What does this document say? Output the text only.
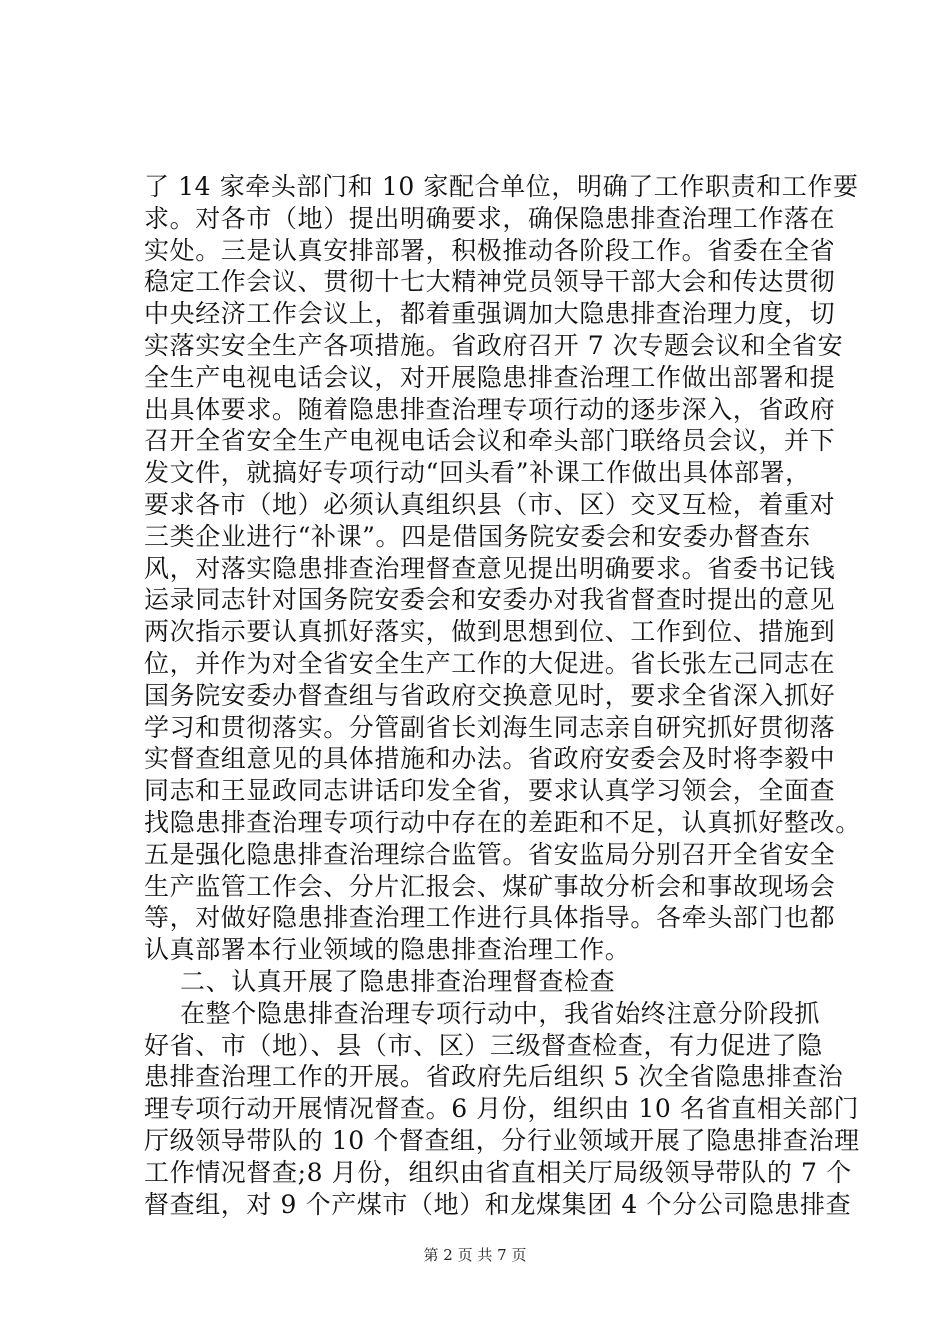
了 14 家牵头部门和 10 家配合单位，明确了工作职责和工作要
求。对各市（地）提出明确要求，确保隐患排查治理工作落在
实处。三是认真安排部署，积极推动各阶段工作。省委在全省
稳定工作会议、贯彻十七大精神党员领导干部大会和传达贯彻
中央经济工作会议上，都着重强调加大隐患排查治理力度，切
实落实安全生产各项措施。省政府召开 7 次专题会议和全省安
全生产电视电话会议，对开展隐患排查治理工作做出部署和提
出具体要求。随着隐患排查治理专项行动的逐步深入，省政府
召开全省安全生产电视电话会议和牵头部门联络员会议，并下
发文件，就搞好专项行动“回头看”补课工作做出具体部署，
要求各市（地）必须认真组织县（市、区）交叉互检，着重对
三类企业进行“补课”。四是借国务院安委会和安委办督查东
风，对落实隐患排查治理督查意见提出明确要求。省委书记钱
运录同志针对国务院安委会和安委办对我省督查时提出的意见
两次指示要认真抓好落实，做到思想到位、工作到位、措施到
位，并作为对全省安全生产工作的大促进。省长张左己同志在
国务院安委办督查组与省政府交换意见时，要求全省深入抓好
学习和贯彻落实。分管副省长刘海生同志亲自研究抓好贯彻落
实督查组意见的具体措施和办法。省政府安委会及时将李毅中
同志和王显政同志讲话印发全省，要求认真学习领会，全面查
找隐患排查治理专项行动中存在的差距和不足，认真抓好整改。
五是强化隐患排查治理综合监管。省安监局分别召开全省安全
生产监管工作会、分片汇报会、煤矿事故分析会和事故现场会
等，对做好隐患排查治理工作进行具体指导。各牵头部门也都
认真部署本行业领域的隐患排查治理工作。
二、认真开展了隐患排查治理督查检查
在整个隐患排查治理专项行动中，我省始终注意分阶段抓
好省、市（地）、县（市、区）三级督查检查，有力促进了隐
患排查治理工作的开展。省政府先后组织 5 次全省隐患排查治
理专项行动开展情况督查。6 月份，组织由 10 名省直相关部门
厅级领导带队的 10 个督查组，分行业领域开展了隐患排查治理
工作情况督查;8 月份，组织由省直相关厅局级领导带队的 7 个
督查组，对 9 个产煤市（地）和龙煤集团 4 个分公司隐患排查
第 2 页 共 7 页
